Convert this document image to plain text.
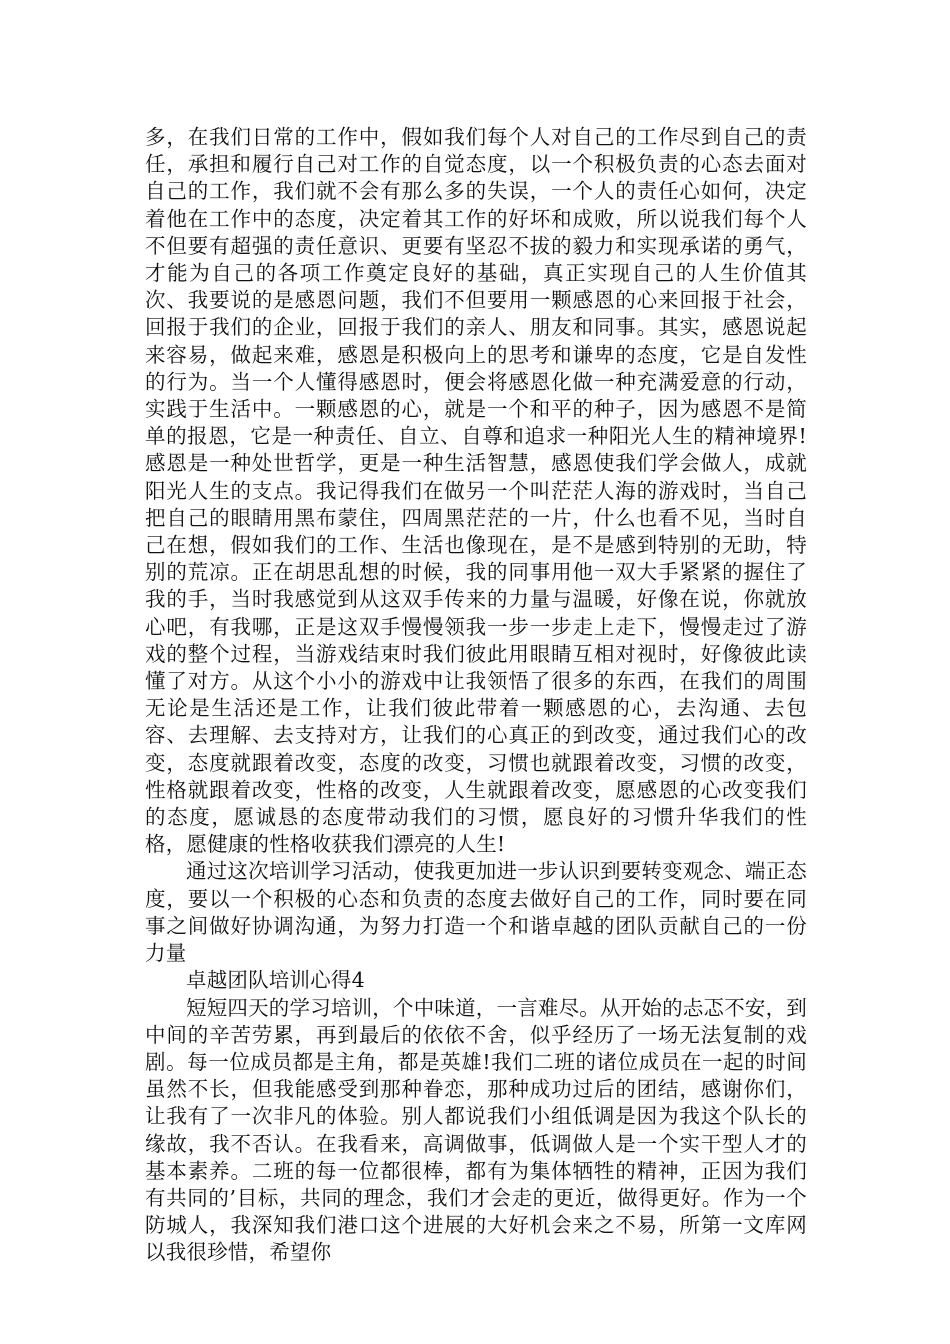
多，在我们日常的工作中，假如我们每个人对自己的工作尽到自己的责任，承担和履行自己对工作的自觉态度，以一个积极负责的心态去面对自己的工作，我们就不会有那么多的失误，一个人的责任心如何，决定着他在工作中的态度，决定着其工作的好坏和成败，所以说我们每个人不但要有超强的责任意识、更要有坚忍不拔的毅力和实现承诺的勇气，才能为自己的各项工作奠定良好的基础，真正实现自己的人生价值其次、我要说的是感恩问题，我们不但要用一颗感恩的心来回报于社会，回报于我们的企业，回报于我们的亲人、朋友和同事。其实，感恩说起来容易，做起来难，感恩是积极向上的思考和谦卑的态度，它是自发性的行为。当一个人懂得感恩时，便会将感恩化做一种充满爱意的行动，实践于生活中。一颗感恩的心，就是一个和平的种子，因为感恩不是简单的报恩，它是一种责任、自立、自尊和追求一种阳光人生的精神境界!感恩是一种处世哲学，更是一种生活智慧，感恩使我们学会做人，成就阳光人生的支点。我记得我们在做另一个叫茫茫人海的游戏时，当自己把自己的眼睛用黑布蒙住，四周黑茫茫的一片，什么也看不见，当时自己在想，假如我们的工作、生活也像现在，是不是感到特别的无助，特别的荒凉。正在胡思乱想的时候，我的同事用他一双大手紧紧的握住了我的手，当时我感觉到从这双手传来的力量与温暖，好像在说，你就放心吧，有我哪，正是这双手慢慢领我一步一步走上走下，慢慢走过了游戏的整个过程，当游戏结束时我们彼此用眼睛互相对视时，好像彼此读懂了对方。从这个小小的游戏中让我领悟了很多的东西，在我们的周围无论是生活还是工作，让我们彼此带着一颗感恩的心，去沟通、去包容、去理解、去支持对方，让我们的心真正的到改变，通过我们心的改变，态度就跟着改变，态度的改变，习惯也就跟着改变，习惯的改变，性格就跟着改变，性格的改变，人生就跟着改变，愿感恩的心改变我们的态度，愿诚恳的态度带动我们的习惯，愿良好的习惯升华我们的性格，愿健康的性格收获我们漂亮的人生!

通过这次培训学习活动，使我更加进一步认识到要转变观念、端正态度，要以一个积极的心态和负责的态度去做好自己的工作，同时要在同事之间做好协调沟通，为努力打造一个和谐卓越的团队贡献自己的一份力量

卓越团队培训心得4

短短四天的学习培训，个中味道，一言难尽。从开始的忐忑不安，到中间的辛苦劳累，再到最后的依依不舍，似乎经历了一场无法复制的戏剧。每一位成员都是主角，都是英雄!我们二班的诸位成员在一起的时间虽然不长，但我能感受到那种眷恋，那种成功过后的团结，感谢你们，让我有了一次非凡的体验。别人都说我们小组低调是因为我这个队长的缘故，我不否认。在我看来，高调做事，低调做人是一个实干型人才的基本素养。二班的每一位都很棒，都有为集体牺牲的精神，正因为我们有共同的’目标，共同的理念，我们才会走的更近，做得更好。作为一个防城人，我深知我们港口这个进展的大好机会来之不易，所第一文库网以我很珍惜，希望你
